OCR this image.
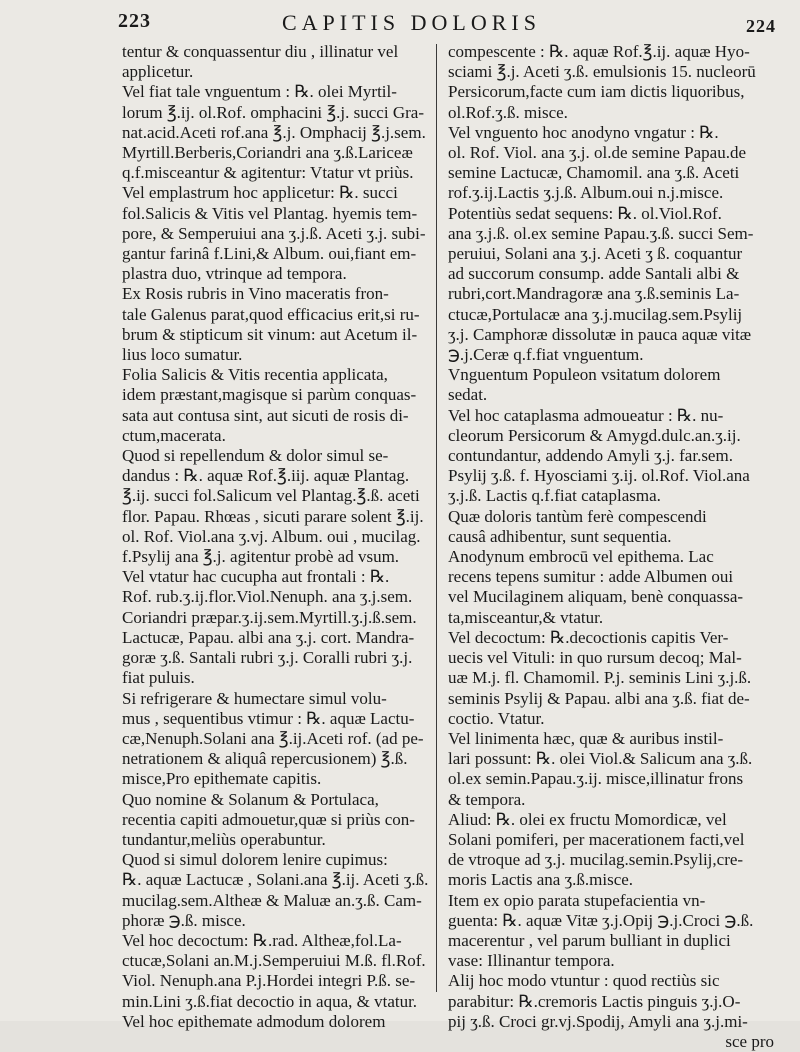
223	CAPITIS DOLORIS	224
tentur & conquassentur diu , illinatur vel
applicetur.
Vel fiat tale vnguentum : ℞. olei Myrtil-
lorum ℥.ij. ol.Rof. omphacini ℥.j. succi Gra-
nat.acid.Aceti rof.ana ℥.j. Omphacij ℥.j.sem.
Myrtill.Berberis,Coriandri ana ʒ.ß.Lariceæ
q.f.misceantur & agitentur: Vtatur vt priùs.
Vel emplastrum hoc applicetur: ℞. succi
fol.Salicis & Vitis vel Plantag. hyemis tem-
pore, & Semperuiui ana ʒ.j.ß. Aceti ʒ.j. subi-
gantur farinâ f.Lini,& Album. oui,fiant em-
plastra duo, vtrinque ad tempora.
Ex Rosis rubris in Vino maceratis fron-
tale Galenus parat,quod efficacius erit,si ru-
brum & stipticum sit vinum: aut Acetum il-
lius loco sumatur.
Folia Salicis & Vitis recentia applicata,
idem præstant,magisque si parùm conquas-
sata aut contusa sint, aut sicuti de rosis di-
ctum,macerata.
Quod si repellendum & dolor simul se-
dandus : ℞. aquæ Rof.℥.iij. aquæ Plantag.
℥.ij. succi fol.Salicum vel Plantag.℥.ß. aceti
flor. Papau. Rhœas , sicuti parare solent ℥.ij.
ol. Rof. Viol.ana ʒ.vj. Album. oui , mucilag.
f.Psylij ana ℥.j. agitentur probè ad vsum.
Vel vtatur hac cucupha aut frontali : ℞.
Rof. rub.ʒ.ij.flor.Viol.Nenuph. ana ʒ.j.sem.
Coriandri præpar.ʒ.ij.sem.Myrtill.ʒ.j.ß.sem.
Lactucæ, Papau. albi ana ʒ.j. cort. Mandra-
goræ ʒ.ß. Santali rubri ʒ.j. Coralli rubri ʒ.j.
fiat puluis.
Si refrigerare & humectare simul volu-
mus , sequentibus vtimur : ℞. aquæ Lactu-
cæ,Nenuph.Solani ana ℥.ij.Aceti rof. (ad pe-
netrationem & aliquâ repercusionem) ℥.ß.
misce,Pro epithemate capitis.
Quo nomine & Solanum & Portulaca,
recentia capiti admouetur,quæ si priùs con-
tundantur,meliùs operabuntur.
Quod si simul dolorem lenire cupimus:
℞. aquæ Lactucæ , Solani.ana ℥.ij. Aceti ʒ.ß.
mucilag.sem.Altheæ & Maluæ an.ʒ.ß. Cam-
phoræ ℈.ß. misce.
Vel hoc decoctum: ℞.rad. Altheæ,fol.La-
ctucæ,Solani an.M.j.Semperuiui M.ß. fl.Rof.
Viol. Nenuph.ana P.j.Hordei integri P.ß. se-
min.Lini ʒ.ß.fiat decoctio in aqua, & vtatur.
Vel hoc epithemate admodum dolorem
compescente : ℞. aquæ Rof.℥.ij. aquæ Hyo-
sciami ℥.j. Aceti ʒ.ß. emulsionis 15. nucleorū
Persicorum,facte cum iam dictis liquoribus,
ol.Rof.ʒ.ß. misce.
Vel vnguento hoc anodyno vngatur : ℞.
ol. Rof. Viol. ana ʒ.j. ol.de semine Papau.de
semine Lactucæ, Chamomil. ana ʒ.ß. Aceti
rof.ʒ.ij.Lactis ʒ.j.ß. Album.oui n.j.misce.
Potentiùs sedat sequens: ℞. ol.Viol.Rof.
ana ʒ.j.ß. ol.ex semine Papau.ʒ.ß. succi Sem-
peruiui, Solani ana ʒ.j. Aceti ʒ ß. coquantur
ad succorum consump. adde Santali albi &
rubri,cort.Mandragoræ ana ʒ.ß.seminis La-
ctucæ,Portulacæ ana ʒ.j.mucilag.sem.Psylij
ʒ.j. Camphoræ dissolutæ in pauca aquæ vitæ
℈.j.Ceræ q.f.fiat vnguentum.
Vnguentum Populeon vsitatum dolorem
sedat.
Vel hoc cataplasma admoueatur : ℞. nu-
cleorum Persicorum & Amygd.dulc.an.ʒ.ij.
contundantur, addendo Amyli ʒ.j. far.sem.
Psylij ʒ.ß. f. Hyosciami ʒ.ij. ol.Rof. Viol.ana
ʒ.j.ß. Lactis q.f.fiat cataplasma.
Quæ doloris tantùm ferè compescendi
causâ adhibentur, sunt sequentia.
Anodynum embrocū vel epithema. Lac
recens tepens sumitur : adde Albumen oui
vel Mucilaginem aliquam, benè conquassa-
ta,misceantur,& vtatur.
Vel decoctum: ℞.decoctionis capitis Ver-
uecis vel Vituli: in quo rursum decoq; Mal-
uæ M.j. fl. Chamomil. P.j. seminis Lini ʒ.j.ß.
seminis Psylij & Papau. albi ana ʒ.ß. fiat de-
coctio. Vtatur.
Vel linimenta hæc, quæ & auribus instil-
lari possunt: ℞. olei Viol.& Salicum ana ʒ.ß.
ol.ex semin.Papau.ʒ.ij. misce,illinatur frons
& tempora.
Aliud: ℞. olei ex fructu Momordicæ, vel
Solani pomiferi, per macerationem facti,vel
de vtroque ad ʒ.j. mucilag.semin.Psylij,cre-
moris Lactis ana ʒ.ß.misce.
Item ex opio parata stupefacientia vn-
guenta: ℞. aquæ Vitæ ʒ.j.Opij ℈.j.Croci ℈.ß.
macerentur , vel parum bulliant in duplici
vase: Illinantur tempora.
Alij hoc modo vtuntur : quod rectiùs sic
parabitur: ℞.cremoris Lactis pinguis ʒ.j.O-
pij ʒ.ß. Croci gr.vj.Spodij, Amyli ana ʒ.j.mi-
sce pro
